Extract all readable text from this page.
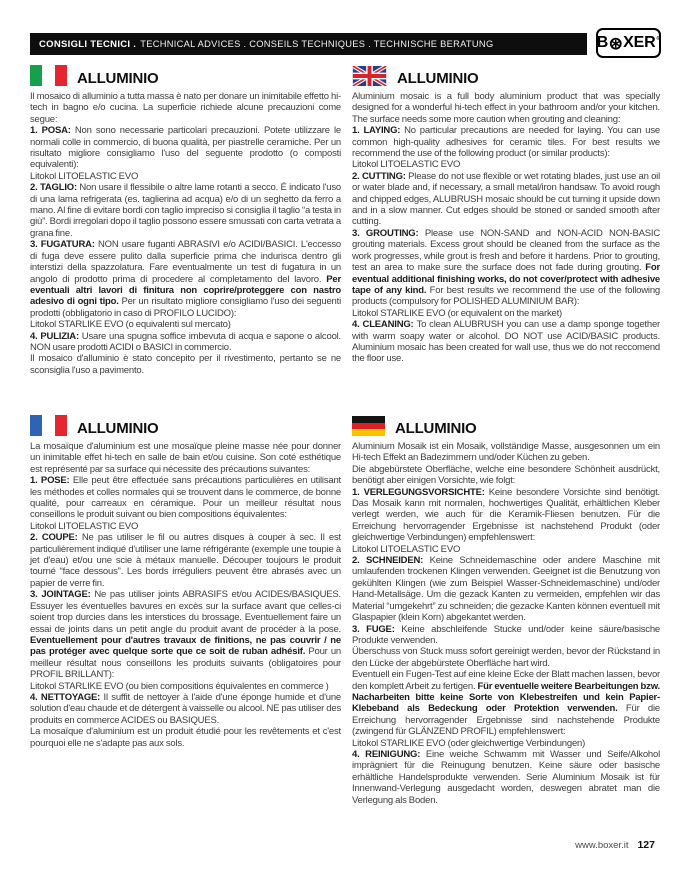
CONSIGLI TECNICI . TECHNICAL ADVICES . CONSEILS TECHNIQUES . TECHNISCHE BERATUNG	B ⊛ XER®
ALLUMINIO

Il mosaico di alluminio a tutta massa è nato per donare un inimitabile effetto hi-tech in bagno e/o cucina. La superficie richiede alcune precauzioni come segue:

1. POSA: Non sono necessarie particolari precauzioni. Potete utilizzare le normali colle in commercio, di buona qualità, per piastrelle ceramiche. Per un risultato migliore consigliamo l'uso del seguente prodotto (o composti equivalenti):

Litokol LITOELASTIC EVO

2. TAGLIO: Non usare il flessibile o altre lame rotanti a secco. É indicato l'uso di una lama refrigerata (es. taglierina ad acqua) e/o di un seghetto da ferro a mano. Al fine di evitare bordi con taglio impreciso si consiglia il taglio “a testa in giù”. Bordi irregolari dopo il taglio possono essere smussati con carta vetrata a grana fine.

3. FUGATURA: NON usare fuganti ABRASIVI e/o ACIDI/BASICI. L'eccesso di fuga deve essere pulito dalla superficie prima che indurisca dentro gli interstizi della spazzolatura. Fare eventualmente un test di fugatura in un angolo di prodotto prima di procedere al completamento del lavoro. Per eventuali altri lavori di finitura non coprire/proteggere con nastro adesivo di ogni tipo. Per un risultato migliore consigliamo l'uso dei seguenti prodotti (obbligatorio in caso di PROFILO LUCIDO):

Litokol STARLIKE EVO (o equivalenti sul mercato)

4. PULIZIA: Usare una spugna soffice imbevuta di acqua e sapone o alcool. NON usare prodotti ACIDI o BASICI in commercio.

Il mosaico d'alluminio è stato concepito per il rivestimento, pertanto se ne sconsiglia l'uso a pavimento.

ALLUMINIO

Aluminium mosaic is a full body aluminium product that was specially designed for a wonderful hi-tech effect in your bathroom and/or your kitchen. The surface needs some more caution when grouting and cleaning:

1. LAYING: No particular precautions are needed for laying. You can use common high-quality adhesives for ceramic tiles. For best results we recommend the use of the following product (or similar products):

Litokol LITOELASTIC EVO

2. CUTTING: Please do not use flexible or wet rotating blades, just use an oil or water blade and, if necessary, a small metal/iron handsaw. To avoid rough and chipped edges, ALUBRUSH mosaic should be cut turning it upside down and in a slow manner. Cut edges should be stoned or sanded smooth after cutting.

3. GROUTING: Please use NON-SAND and NON-ACID NON-BASIC grouting materials. Excess grout should be cleaned from the surface as the work progresses, while grout is fresh and before it hardens. Prior to grouting, test an area to make sure the surface does not fade during grouting. For eventual additional finishing works, do not cover/protect with adhesive tape of any kind. For best results we recommend the use of the following products (compulsory for POLISHED ALUMINIUM BAR):

Litokol STARLIKE EVO (or equivalent on the market)

4. CLEANING: To clean ALUBRUSH you can use a damp sponge together with warm soapy water or alcohol. DO NOT use ACID/BASIC products. Aluminium mosaic has been created for wall use, thus we do not reccomend the floor use.

ALLUMINIO

La mosaïque d'aluminium est une mosaïque pleine masse née pour donner un inimitable effet hi-tech en salle de bain et/ou cuisine. Son coté esthétique est représenté par sa surface qui nécessite des précautions suivantes:

1. POSE: Elle peut être effectuée sans précautions particulières en utilisant les méthodes et colles normales qui se trouvent dans le commerce, de bonne qualité, pour carreaux en céramique. Pour un meilleur résultat nous conseillons le produit suivant ou bien compositions équivalentes:

Litokol LITOELASTIC EVO

2. COUPE: Ne pas utiliser le fil ou autres disques à couper à sec. Il est particulièrement indiqué d'utiliser une lame réfrigérante (exemple une toupie à jet d'eau) et/ou une scie à métaux manuelle. Découper toujours le produit tourné “face dessous”. Les bords irréguliers peuvent être abrasés avec un papier de verre fin.

3. JOINTAGE: Ne pas utiliser joints ABRASIFS et/ou ACIDES/BASIQUES. Essuyer les éventuelles bavures en excès sur la surface avant que celles-ci soient trop durcies dans les interstices du brossage. Eventuellement faire un essai de joints dans un petit angle du produit avant de procéder à la pose. Eventuellement pour d'autres travaux de finitions, ne pas couvrir / ne pas protéger avec quelque sorte que ce soit de ruban adhésif. Pour un meilleur résultat nous conseillons les produits suivants (obligatoires pour PROFIL BRILLANT):

Litokol STARLIKE EVO (ou bien compositions équivalentes en commerce )

4. NETTOYAGE: Il suffit de nettoyer à l'aide d'une éponge humide et d'une solution d'eau chaude et de détergent à vaisselle ou alcool. NE pas utiliser des produits en commerce ACIDES ou BASIQUES.

La mosaïque d'aluminium est un produit étudié pour les revêtements et c'est pourquoi elle ne s'adapte pas aux sols.

ALLUMINIO

Aluminium Mosaik ist ein Mosaik, vollständige Masse, ausgesonnen um ein Hi-tech Effekt an Badezimmern und/oder Küchen zu geben.

Die abgebürstete Oberfläche, welche eine besondere Schönheit ausdrückt, benötigt aber einigen Vorsichte, wie folgt:

1. VERLEGUNGSVORSICHTE: Keine besondere Vorsichte sind benötigt. Das Mosaik kann mit normalen, hochwertiges Qualität, erhältlichen Kleber verlegt werden, wie auch für die Keramik-Fliesen benutzen. Für die Erreichung hervorragender Ergebnisse ist nachstehend Produkt (oder gleichwertige Verbindungen) empfehlenswert:

Litokol LITOELASTIC EVO

2. SCHNEIDEN: Keine Schneidemaschine oder andere Maschine mit umlaufenden trockenen Klingen verwenden. Geeignet ist die Benutzung von gekühlten Klingen (wie zum Beispiel Wasser-Schneidemaschine) und/oder Hand-Metallsäge. Um die gezack Kanten zu vermeiden, empfehlen wir das Material “umgekehrt” zu schneiden; die gezacke Kanten können eventuell mit Glaspapier (klein Korn) abgekantet werden.

3. FUGE: Keine abschleifende Stucke und/oder keine säure/basische Produkte verwenden.

Überschuss von Stuck muss sofort gereinigt werden, bevor der Rückstand in den Lücke der abgebürstete Oberfläche hart wird.

Eventuell ein Fugen-Test auf eine kleine Ecke der Blatt machen lassen, bevor den komplett Arbeit zu fertigen. Für eventuelle weitere Bearbeitungen bzw. Nacharbeiten bitte keine Sorte von Klebestreifen und kein Papier-Klebeband als Bedeckung oder Protektion verwenden. Für die Erreichung hervorragender Ergebnisse sind nachstehende Produkte (zwingend für GLÄNZEND PROFIL) empfehlenswert:

Litokol STARLIKE EVO (oder gleichwertige Verbindungen)

4. REINIGUNG: Eine weiche Schwamm mit Wasser und Seife/Alkohol imprägniert für die Reinugung benutzen. Keine säure oder basische erhältliche Handelsprodukte verwenden. Serie Aluminium Mosaik ist für Innenwand-Verlegung ausgedacht worden, deswegen abratet man die Verlegung als Boden.

www.boxer.it 127
